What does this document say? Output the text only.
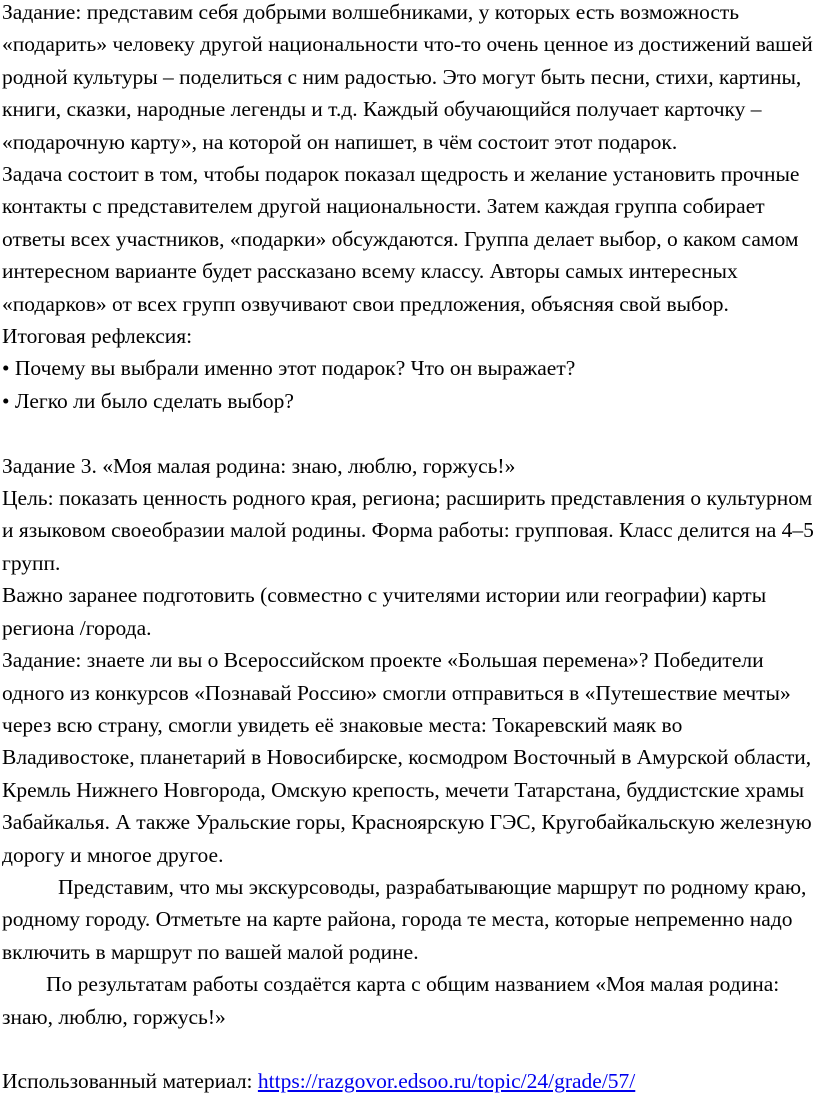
Задание: представим себя добрыми волшебниками, у которых есть возможность «подарить» человеку другой национальности что-то очень ценное из достижений вашей родной культуры – поделиться с ним радостью. Это могут быть песни, стихи, картины, книги, сказки, народные легенды и т.д. Каждый обучающийся получает карточку – «подарочную карту», на которой он напишет, в чём состоит этот подарок.

Задача состоит в том, чтобы подарок показал щедрость и желание установить прочные контакты с представителем другой национальности. Затем каждая группа собирает ответы всех участников, «подарки» обсуждаются. Группа делает выбор, о каком самом интересном варианте будет рассказано всему классу. Авторы самых интересных «подарков» от всех групп озвучивают свои предложения, объясняя свой выбор.

Итоговая рефлексия:

• Почему вы выбрали именно этот подарок? Что он выражает?

• Легко ли было сделать выбор?

Задание 3. «Моя малая родина: знаю, люблю, горжусь!»

Цель: показать ценность родного края, региона; расширить представления о культурном и языковом своеобразии малой родины. Форма работы: групповая. Класс делится на 4–5 групп.

Важно заранее подготовить (совместно с учителями истории или географии) карты региона /города.

Задание: знаете ли вы о Всероссийском проекте «Большая перемена»? Победители одного из конкурсов «Познавай Россию» смогли отправиться в «Путешествие мечты» через всю страну, смогли увидеть её знаковые места: Токаревский маяк во Владивостоке, планетарий в Новосибирске, космодром Восточный в Амурской области, Кремль Нижнего Новгорода, Омскую крепость, мечети Татарстана, буддистские храмы Забайкалья. А также Уральские горы, Красноярскую ГЭС, Кругобайкальскую железную дорогу и многое другое.

Представим, что мы экскурсоводы, разрабатывающие маршрут по родному краю, родному городу. Отметьте на карте района, города те места, которые непременно надо включить в маршрут по вашей малой родине.

По результатам работы создаётся карта с общим названием «Моя малая родина: знаю, люблю, горжусь!»

Использованный материал: https://razgovor.edsoo.ru/topic/24/grade/57/
